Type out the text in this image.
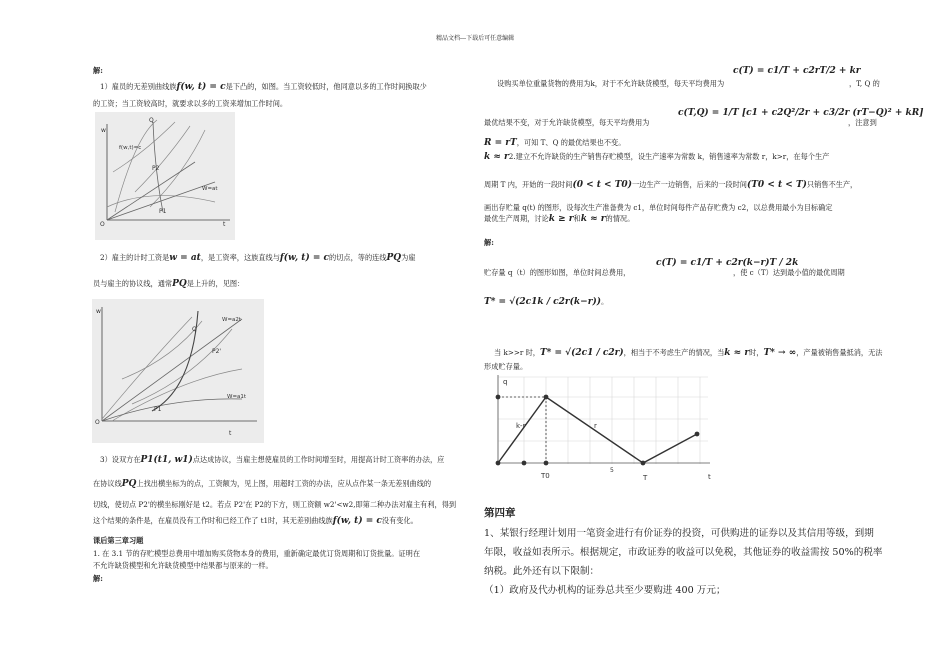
精品文档---下载后可任意编辑
解:
1）雇员的无差别曲线族f(w, t) = c是下凸的，如图。当工资较低时，他同意以多的工作时间换取少
的工资；当工资较高时，就要求以多的工资来增加工作时间。
w
Q
f(w,t)=c
P2
P1
W=at
O	t
2）雇主的计时工资是w = at，是工资率，这族直线与f(w, t) = c的切点，等的连线PQ为雇
员与雇主的协议线，通常PQ是上升的，见图：
w
Q
W=a2t
P2'
P1
W=a1t
O
t
3）设双方在P1(t1, w1)点达成协议，当雇主想使雇员的工作时间增至时，用提高计时工资率的办法，应
在协议线PQ上找出横坐标为的点，工资额为，见上图，用超时工资的办法，应从点作某一条无差别曲线的
切线，使切点 P2'的横坐标刚好是 t2。若点 P2'在 P2的下方，则工资额 w2'<w2,即第二种办法对雇主有利，得到
这个结果的条件是，在雇员没有工作时和已经工作了 t1时，其无差别曲线族f(w, t) = c没有变化。
课后第三章习题
1. 在 3.1 节的存贮模型总费用中增加购买货物本身的费用，重新确定最优订货周期和订货批量。证明在
不允许缺货模型和允许缺货模型中结果都与原来的一样。
解:
设购买单位重量货物的费用为k，对于不允许缺货模型，每天平均费用为
c(T) = c1/T + c2rT/2 + kr
，T, Q 的
最优结果不变，对于允许缺货模型，每天平均费用为
c(T,Q) = 1/T [c1 + c2Q²/2r + c3/2r (rT−Q)² + kR]
，注意到
R = rT，可知 T、Q 的最优结果也不变。
k ≈ r2.建立不允许缺货的生产销售存贮模型，设生产速率为常数 k，销售速率为常数 r，k>r，在每个生产
周期 T 内，开始的一段时间(0 < t < T0)一边生产一边销售，后来的一段时间(T0 < t < T)只销售不生产，
画出存贮量 q(t) 的图形，设每次生产准备费为 c1，单位时间每件产品存贮费为 c2，以总费用最小为目标确定
最优生产周期，讨论k ≥ r和k ≈ r的情况。
解:
贮存量 q（t）的图形如图，单位时间总费用，
c(T) = c1/T + c2r(k−r)T / 2k
，使 c（T）达到最小值的最优周期
T* = √(2c1k / c2r(k−r))。
当 k>>r 时，T* = √(2c1 / c2r)，相当于不考虑生产的情况，当k ≈ r时，T* → ∞，产量被销售量抵消，无法
形成贮存量。
q
k-r	r
T0
5
T	t
第四章
1、某银行经理计划用一笔资金进行有价证券的投资，可供购进的证券以及其信用等级，到期
年限，收益如表所示。根据规定，市政证券的收益可以免税，其他证券的收益需按 50%的税率
纳税。此外还有以下限制：
（1）政府及代办机构的证券总共至少要购进 400 万元；
